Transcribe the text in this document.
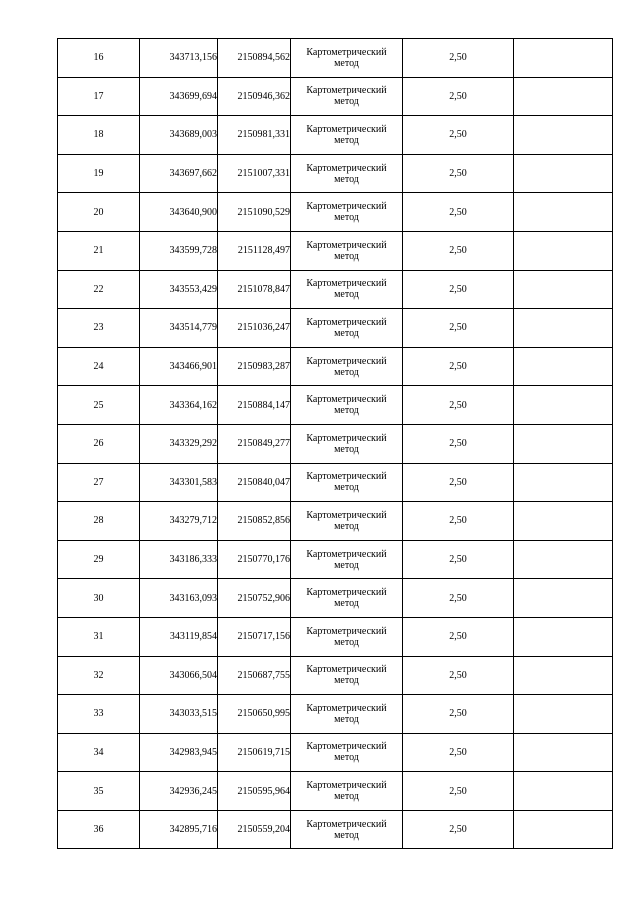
16	343713,156	2150894,562	Картометрический
метод	2,50	
17	343699,694	2150946,362	Картометрический
метод	2,50	
18	343689,003	2150981,331	Картометрический
метод	2,50	
19	343697,662	2151007,331	Картометрический
метод	2,50	
20	343640,900	2151090,529	Картометрический
метод	2,50	
21	343599,728	2151128,497	Картометрический
метод	2,50	
22	343553,429	2151078,847	Картометрический
метод	2,50	
23	343514,779	2151036,247	Картометрический
метод	2,50	
24	343466,901	2150983,287	Картометрический
метод	2,50	
25	343364,162	2150884,147	Картометрический
метод	2,50	
26	343329,292	2150849,277	Картометрический
метод	2,50	
27	343301,583	2150840,047	Картометрический
метод	2,50	
28	343279,712	2150852,856	Картометрический
метод	2,50	
29	343186,333	2150770,176	Картометрический
метод	2,50	
30	343163,093	2150752,906	Картометрический
метод	2,50	
31	343119,854	2150717,156	Картометрический
метод	2,50	
32	343066,504	2150687,755	Картометрический
метод	2,50	
33	343033,515	2150650,995	Картометрический
метод	2,50	
34	342983,945	2150619,715	Картометрический
метод	2,50	
35	342936,245	2150595,964	Картометрический
метод	2,50	
36	342895,716	2150559,204	Картометрический
метод	2,50	
